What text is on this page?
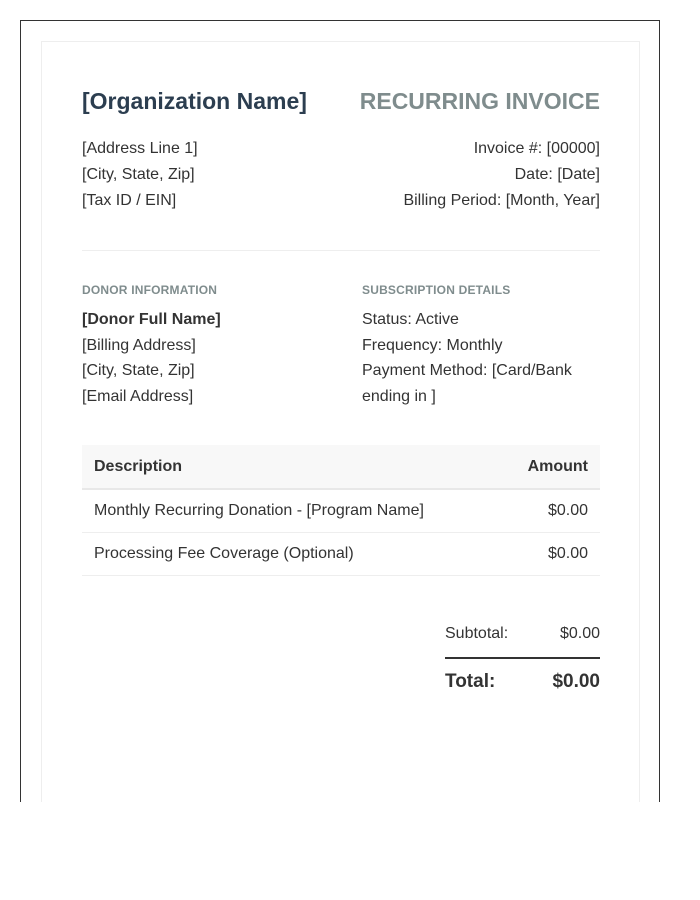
[Organization Name] RECURRING INVOICE
[Address Line 1]
[City, State, Zip]
[Tax ID / EIN]
Invoice #: [00000]
Date: [Date]
Billing Period: [Month, Year]
DONOR INFORMATION
[Donor Full Name]
[Billing Address]
[City, State, Zip]
[Email Address]
SUBSCRIPTION DETAILS
Status: Active
Frequency: Monthly
Payment Method: [Card/Bank
ending in ]
Description	Amount
Monthly Recurring Donation - [Program Name]	$0.00
Processing Fee Coverage (Optional)	$0.00
Subtotal:	$0.00
Total:	$0.00
